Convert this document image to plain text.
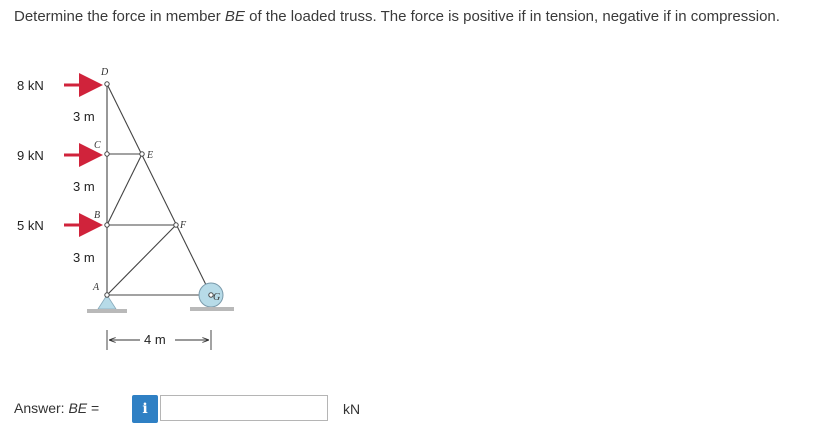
Determine the force in member BE of the loaded truss. The force is positive if in tension, negative if in compression.
D
C
E
B
F
A
G
8 kN
9 kN
5 kN
3 m
3 m
3 m
4 m
Answer: BE =	i	kN
